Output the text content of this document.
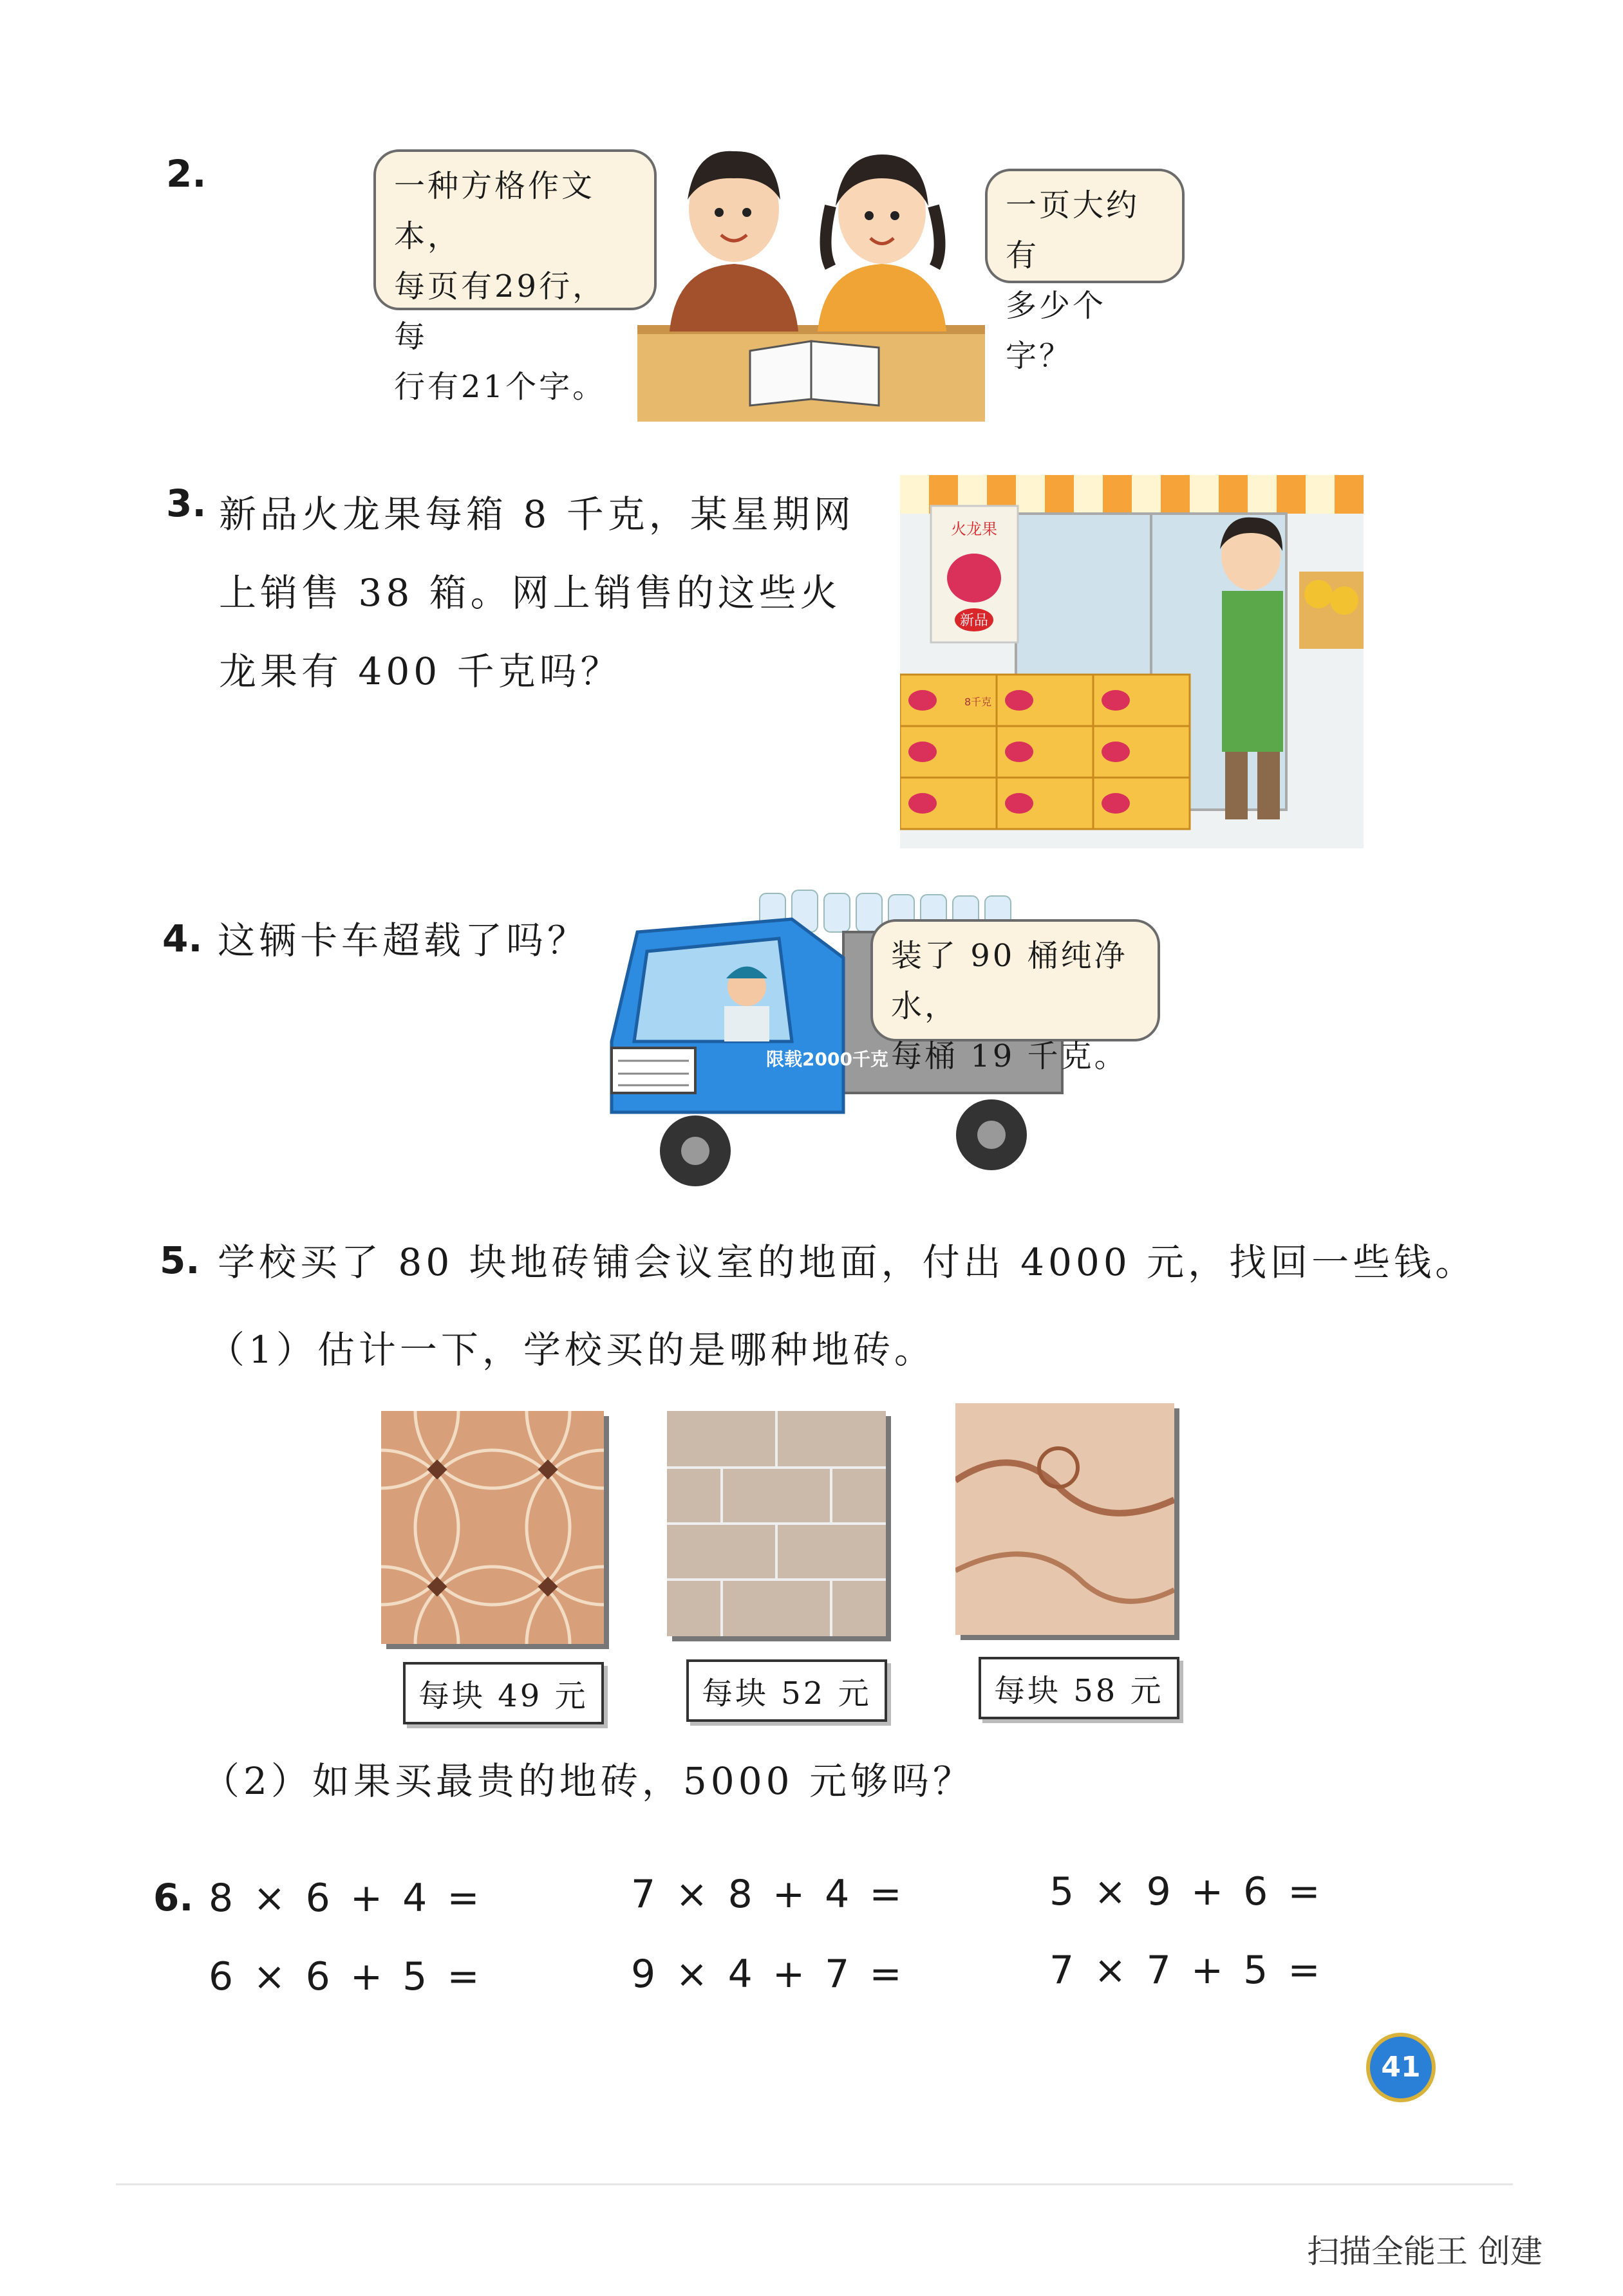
2.	一种方格作文本，
每页有29行，每
行有21个字。
一页大约有
多少个字？
3. 新品火龙果每箱 8 千克，某星期网
上销售 38 箱。网上销售的这些火
龙果有 400 千克吗？
火龙果
新品
8千克
4. 这辆卡车超载了吗？
限载2000千克
装了 90 桶纯净水，
每桶 19 千克。
5. 学校买了 80 块地砖铺会议室的地面，付出 4000 元，找回一些钱。
（1）估计一下，学校买的是哪种地砖。
每块 49 元	每块 52 元	每块 58 元
（2）如果买最贵的地砖，5000 元够吗？
6. 8 × 6 + 4 =	7 × 8 + 4 =	5 × 9 + 6 =
6 × 6 + 5 =	9 × 4 + 7 =	7 × 7 + 5 =
41
扫描全能王 创建
